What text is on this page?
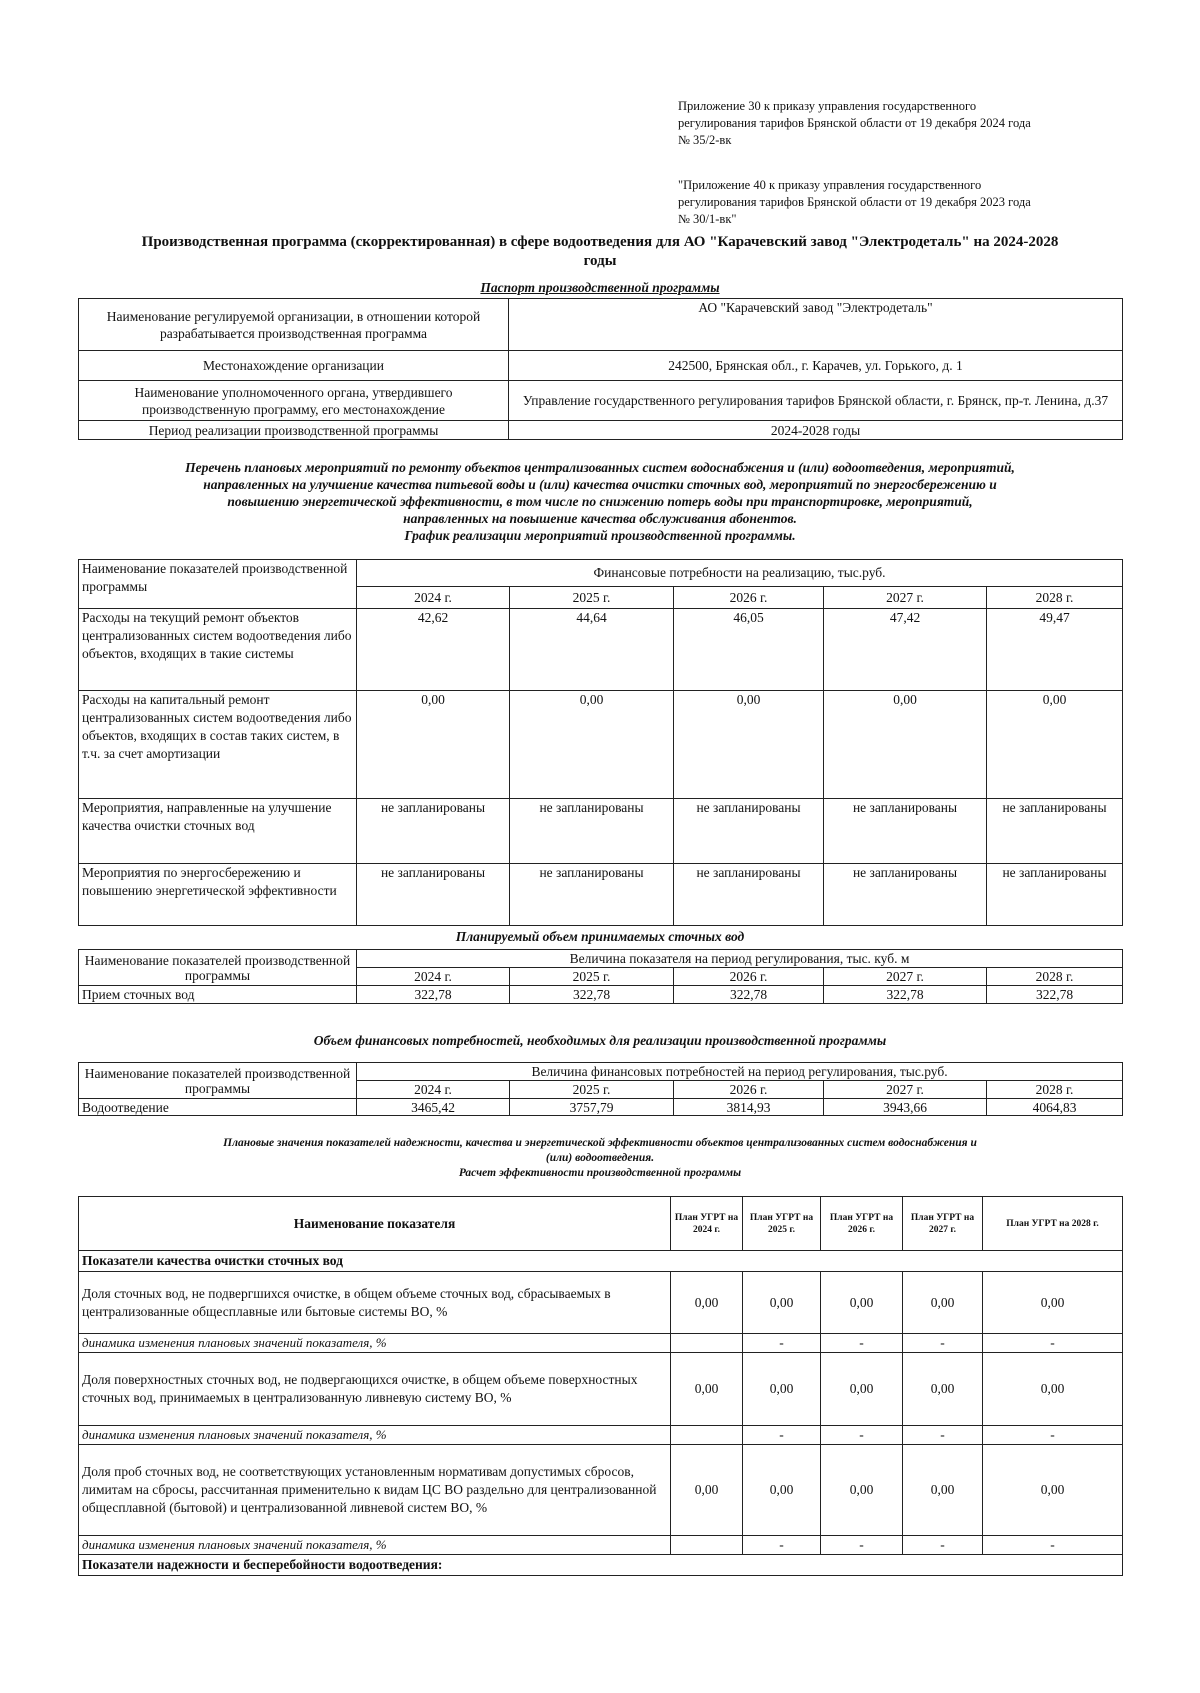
Приложение 30 к приказу управления государственного
регулирования тарифов Брянской области от 19 декабря 2024 года
№ 35/2-вк
"Приложение 40 к приказу управления государственного
регулирования тарифов Брянской области от 19 декабря 2023 года
№ 30/1-вк"
Производственная программа (скорректированная) в сфере водоотведения для АО "Карачевский завод "Электродеталь" на 2024-2028
годы
Паспорт производственной программы
Наименование регулируемой организации, в отношении которой разрабатывается производственная программа	АО "Карачевский завод "Электродеталь"
Местонахождение организации	242500, Брянская обл., г. Карачев, ул. Горького, д. 1
Наименование уполномоченного органа, утвердившего производственную программу, его местонахождение	Управление государственного регулирования тарифов Брянской области, г. Брянск, пр-т. Ленина, д.37
Период реализации производственной программы	2024-2028 годы
Перечень плановых мероприятий по ремонту объектов централизованных систем водоснабжения и (или) водоотведения, мероприятий,
направленных на улучшение качества питьевой воды и (или) качества очистки сточных вод, мероприятий по энергосбережению и
повышению энергетической эффективности, в том числе по снижению потерь воды при транспортировке, мероприятий,
направленных на повышение качества обслуживания абонентов.
График реализации мероприятий производственной программы.
Наименование показателей производственной программы	Финансовые потребности на реализацию, тыс.руб.				
	2024 г.	2025 г.	2026 г.	2027 г.	2028 г.
Расходы на текущий ремонт объектов централизованных систем водоотведения либо объектов, входящих в такие системы	42,62	44,64	46,05	47,42	49,47
Расходы на капитальный ремонт централизованных систем водоотведения либо объектов, входящих в состав таких систем, в т.ч. за счет амортизации	0,00	0,00	0,00	0,00	0,00
Мероприятия, направленные на улучшение качества очистки сточных вод	не запланированы	не запланированы	не запланированы	не запланированы	не запланированы
Мероприятия по энергосбережению и повышению энергетической эффективности	не запланированы	не запланированы	не запланированы	не запланированы	не запланированы
Планируемый объем принимаемых сточных вод
Наименование показателей производственной программы	Величина показателя на период регулирования, тыс. куб. м				
	2024 г.	2025 г.	2026 г.	2027 г.	2028 г.
Прием сточных вод	322,78	322,78	322,78	322,78	322,78
Объем финансовых потребностей, необходимых для реализации производственной программы
Наименование показателей производственной программы	Величина финансовых потребностей на период регулирования, тыс.руб.				
	2024 г.	2025 г.	2026 г.	2027 г.	2028 г.
Водоотведение	3465,42	3757,79	3814,93	3943,66	4064,83
Плановые значения показателей надежности, качества и энергетической эффективности объектов централизованных систем водоснабжения и
(или) водоотведения.
Расчет эффективности производственной программы
Наименование показателя	План УГРТ на 2024 г.	План УГРТ на 2025 г.	План УГРТ на 2026 г.	План УГРТ на 2027 г.	План УГРТ на 2028 г.
Показатели качества очистки сточных вод					
Доля сточных вод, не подвергшихся очистке, в общем объеме сточных вод, сбрасываемых в централизованные общесплавные или бытовые системы ВО, %	0,00	0,00	0,00	0,00	0,00
динамика изменения плановых значений показателя, %		-	-	-	-
Доля поверхностных сточных вод, не подвергающихся очистке, в общем объеме поверхностных сточных вод, принимаемых в централизованную ливневую систему ВО, %	0,00	0,00	0,00	0,00	0,00
динамика изменения плановых значений показателя, %		-	-	-	-
Доля проб сточных вод, не соответствующих установленным нормативам допустимых сбросов, лимитам на сбросы, рассчитанная применительно к видам ЦС ВО раздельно для централизованной общесплавной (бытовой) и централизованной ливневой систем ВО, %	0,00	0,00	0,00	0,00	0,00
динамика изменения плановых значений показателя, %		-	-	-	-
Показатели надежности и бесперебойности водоотведения:					
